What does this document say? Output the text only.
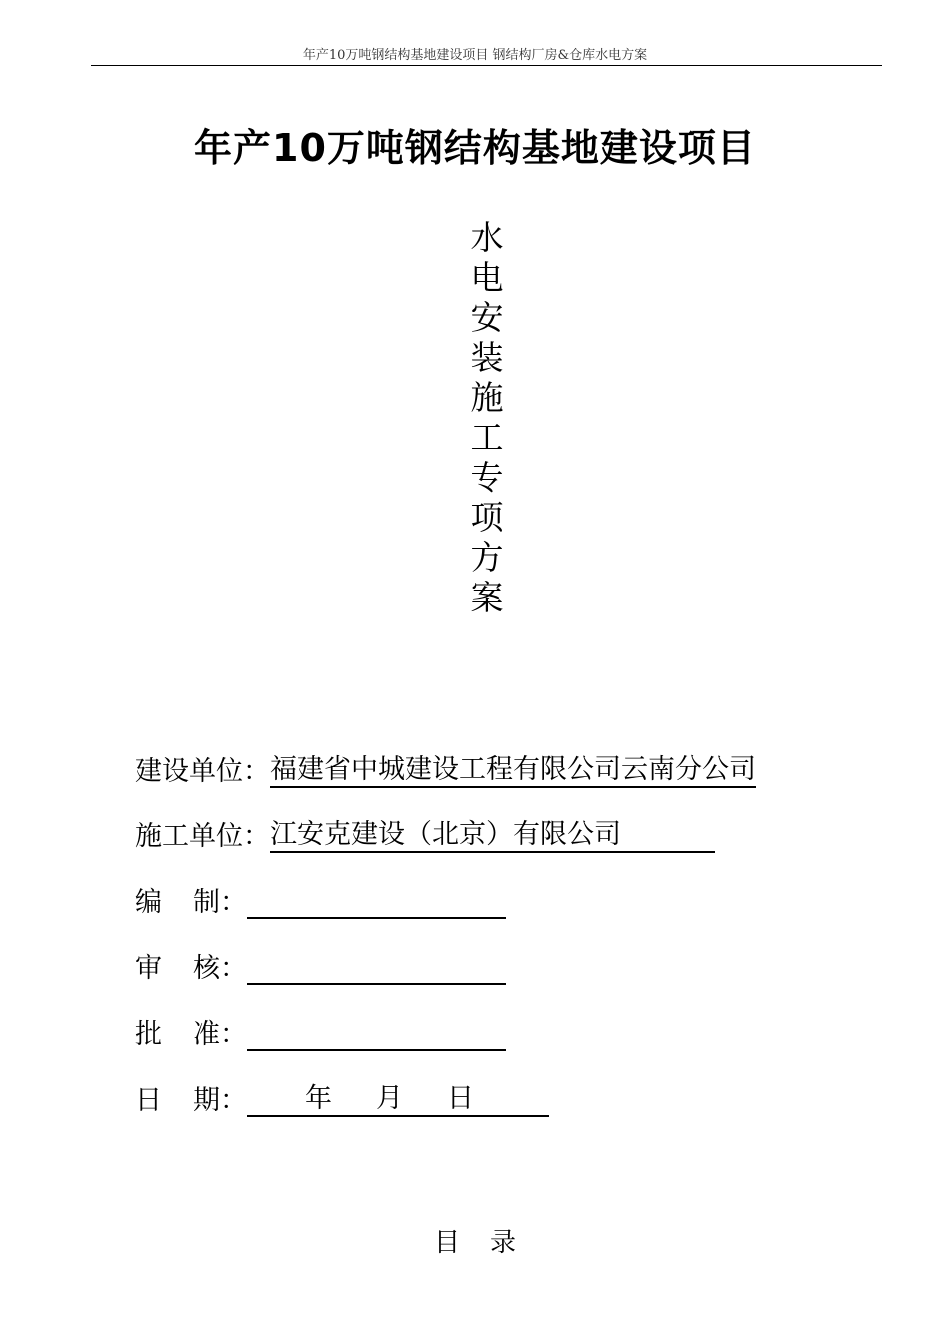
年产10万吨钢结构基地建设项目 钢结构厂房&仓库水电方案
年产10万吨钢结构基地建设项目
水
电
安
装
施
工
专
项
方
案
建设单位： 福建省中城建设工程有限公司云南分公司
施工单位： 江安克建设（北京）有限公司
编 制：
审 核：
批 准：
日 期： 年 月 日
目录
